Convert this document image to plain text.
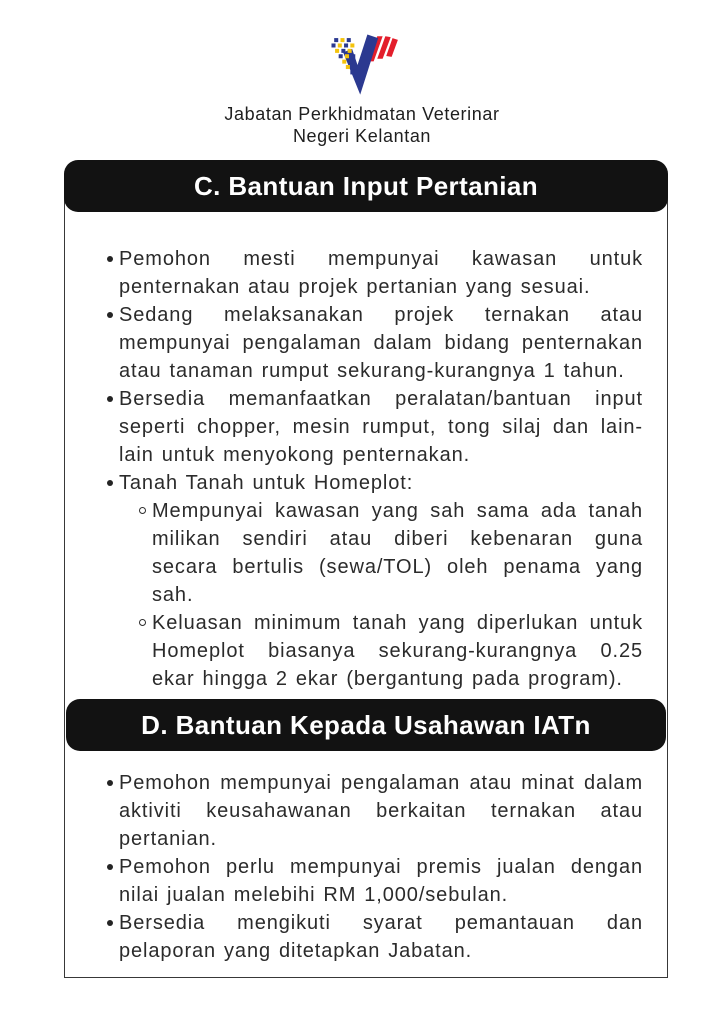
Jabatan Perkhidmatan Veterinar
Negeri Kelantan
C. Bantuan Input Pertanian
Pemohon mesti mempunyai kawasan untuk penternakan atau projek pertanian yang sesuai.
Sedang melaksanakan projek ternakan atau mempunyai pengalaman dalam bidang penternakan atau tanaman rumput sekurang-kurangnya 1 tahun.
Bersedia memanfaatkan peralatan/bantuan input seperti chopper, mesin rumput, tong silaj dan lain-lain untuk menyokong penternakan.
Tanah Tanah untuk Homeplot:
Mempunyai kawasan yang sah sama ada tanah milikan sendiri atau diberi kebenaran guna secara bertulis (sewa/TOL) oleh penama yang sah.
Keluasan minimum tanah yang diperlukan untuk Homeplot biasanya sekurang-kurangnya 0.25 ekar hingga 2 ekar (bergantung pada program).
D. Bantuan Kepada Usahawan IATn
Pemohon mempunyai pengalaman atau minat dalam aktiviti keusahawanan berkaitan ternakan atau pertanian.
Pemohon perlu mempunyai premis jualan dengan nilai jualan melebihi RM 1,000/sebulan.
Bersedia mengikuti syarat pemantauan dan pelaporan yang ditetapkan Jabatan.
